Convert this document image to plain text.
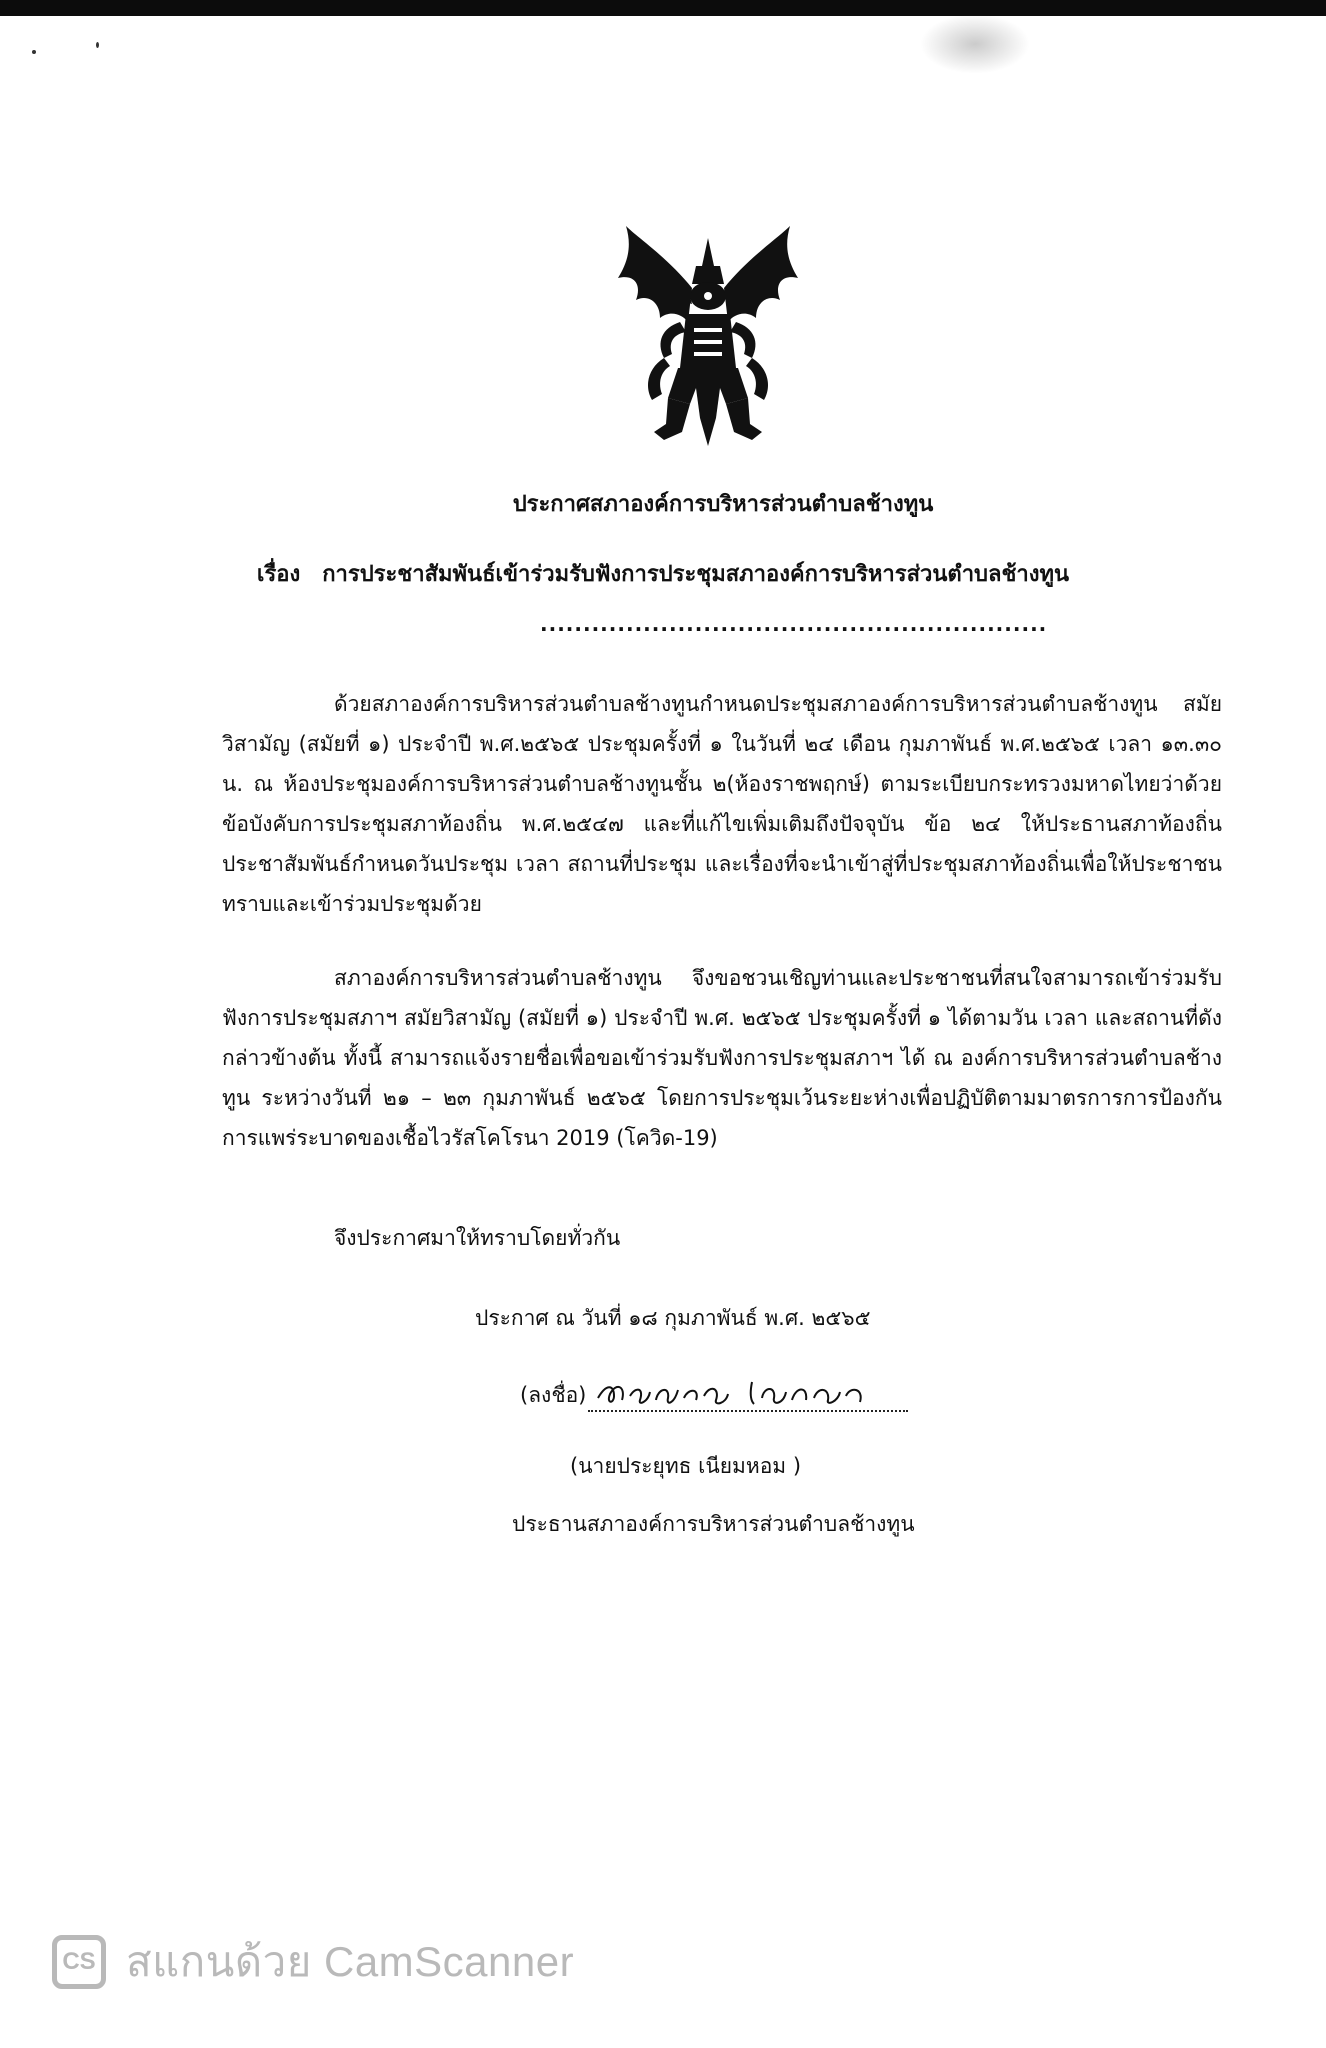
ประกาศสภาองค์การบริหารส่วนตำบลช้างทูน
เรื่อง การประชาสัมพันธ์เข้าร่วมรับฟังการประชุมสภาองค์การบริหารส่วนตำบลช้างทูน
...........................................................

ด้วยสภาองค์การบริหารส่วนตำบลช้างทูนกำหนดประชุมสภาองค์การบริหารส่วนตำบลช้างทูน สมัยวิสามัญ (สมัยที่ ๑) ประจำปี พ.ศ.๒๕๖๕ ประชุมครั้งที่ ๑ ในวันที่ ๒๔ เดือน กุมภาพันธ์ พ.ศ.๒๕๖๕ เวลา ๑๓.๓๐ น. ณ ห้องประชุมองค์การบริหารส่วนตำบลช้างทูนชั้น ๒(ห้องราชพฤกษ์) ตามระเบียบกระทรวงมหาดไทยว่าด้วยข้อบังคับการประชุมสภาท้องถิ่น พ.ศ.๒๕๔๗ และที่แก้ไขเพิ่มเติมถึงปัจจุบัน ข้อ ๒๔ ให้ประธานสภาท้องถิ่นประชาสัมพันธ์กำหนดวันประชุม เวลา สถานที่ประชุม และเรื่องที่จะนำเข้าสู่ที่ประชุมสภาท้องถิ่นเพื่อให้ประชาชนทราบและเข้าร่วมประชุมด้วย

สภาองค์การบริหารส่วนตำบลช้างทูน จึงขอชวนเชิญท่านและประชาชนที่สนใจสามารถเข้าร่วมรับฟังการประชุมสภาฯ สมัยวิสามัญ (สมัยที่ ๑) ประจำปี พ.ศ. ๒๕๖๕ ประชุมครั้งที่ ๑ ได้ตามวัน เวลา และสถานที่ดังกล่าวข้างต้น ทั้งนี้ สามารถแจ้งรายชื่อเพื่อขอเข้าร่วมรับฟังการประชุมสภาฯ ได้ ณ องค์การบริหารส่วนตำบลช้างทูน ระหว่างวันที่ ๒๑ – ๒๓ กุมภาพันธ์ ๒๕๖๕ โดยการประชุมเว้นระยะห่างเพื่อปฏิบัติตามมาตรการการป้องกันการแพร่ระบาดของเชื้อไวรัสโคโรนา 2019 (โควิด-19)

จึงประกาศมาให้ทราบโดยทั่วกัน
ประกาศ ณ วันที่ ๑๘ กุมภาพันธ์ พ.ศ. ๒๕๖๕
(ลงชื่อ)
(นายประยุทธ เนียมหอม )
ประธานสภาองค์การบริหารส่วนตำบลช้างทูน
CS สแกนด้วย CamScanner
